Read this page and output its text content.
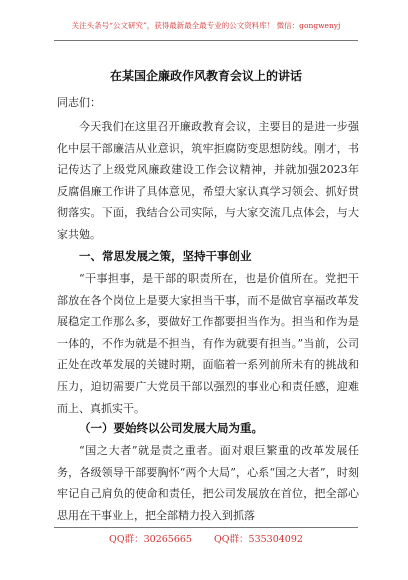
关注头条号“公文研究”，获得最新最全最专业的公文资料库！ 微信：gongwenyj
在某国企廉政作风教育会议上的讲话
同志们：
今天我们在这里召开廉政教育会议，主要目的是进一步强化中层干部廉洁从业意识，筑牢拒腐防变思想防线。刚才，书记传达了上级党风廉政建设工作会议精神，并就加强2023年反腐倡廉工作讲了具体意见，希望大家认真学习领会、抓好贯彻落实。下面，我结合公司实际，与大家交流几点体会，与大家共勉。
一、常思发展之策，坚持干事创业
“干事担事，是干部的职责所在，也是价值所在。党把干部放在各个岗位上是要大家担当干事，而不是做官享福改革发展稳定工作那么多，要做好工作都要担当作为。担当和作为是一体的，不作为就是不担当，有作为就要有担当。”当前，公司正处在改革发展的关键时期，面临着一系列前所未有的挑战和压力，迫切需要广大党员干部以强烈的事业心和责任感，迎难而上、真抓实干。
（一）要始终以公司发展大局为重。
“国之大者”就是责之重者。面对艰巨繁重的改革发展任务，各级领导干部要胸怀“两个大局”，心系“国之大者”，时刻牢记自己肩负的使命和责任，把公司发展放在首位，把全部心思用在干事业上，把全部精力投入到抓落
QQ群：30265665 QQ群：535304092
